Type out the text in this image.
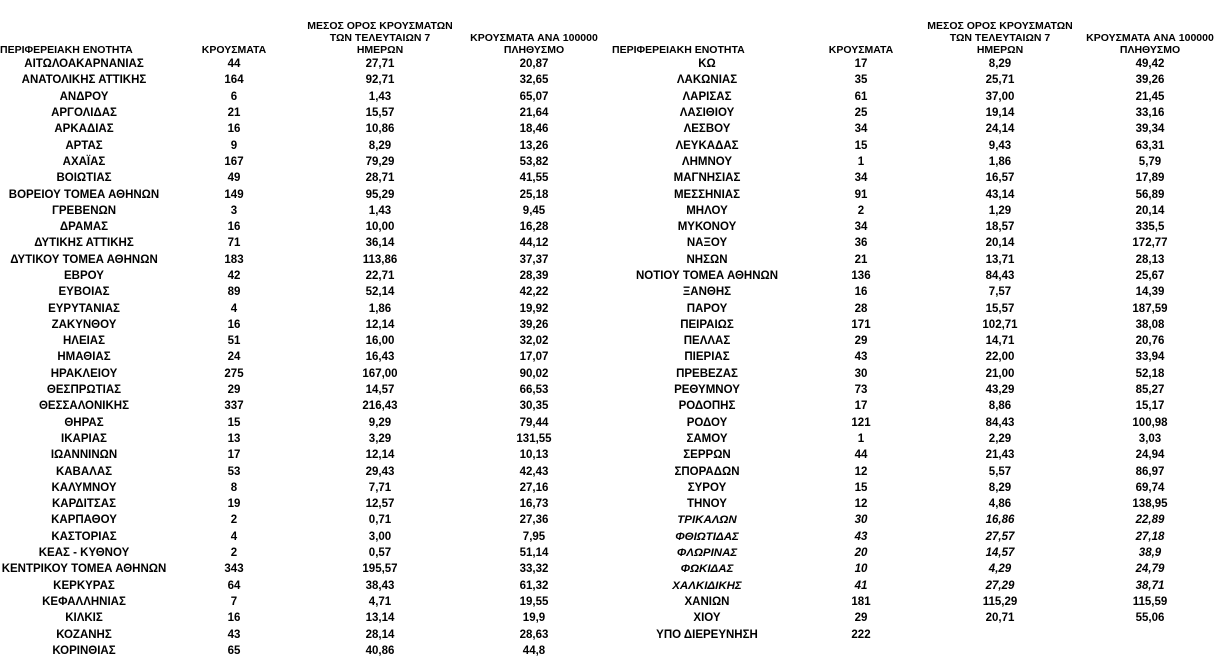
ΠΕΡΙΦΕΡΕΙΑΚΗ ΕΝΟΤΗΤΑ	ΚΡΟΥΣΜΑΤΑ	ΜΕΣΟΣ ΟΡΟΣ ΚΡΟΥΣΜΑΤΩΝ
ΤΩΝ ΤΕΛΕΥΤΑΙΩΝ 7
ΗΜΕΡΩΝ	ΚΡΟΥΣΜΑΤΑ ΑΝΑ 100000
ΠΛΗΘΥΣΜΟ
ΑΙΤΩΛΟΑΚΑΡΝΑΝΙΑΣ	44	27,71	20,87
ΑΝΑΤΟΛΙΚΗΣ ΑΤΤΙΚΗΣ	164	92,71	32,65
ΑΝΔΡΟΥ	6	1,43	65,07
ΑΡΓΟΛΙΔΑΣ	21	15,57	21,64
ΑΡΚΑΔΙΑΣ	16	10,86	18,46
ΑΡΤΑΣ	9	8,29	13,26
ΑΧΑΪΑΣ	167	79,29	53,82
ΒΟΙΩΤΙΑΣ	49	28,71	41,55
ΒΟΡΕΙΟΥ ΤΟΜΕΑ ΑΘΗΝΩΝ	149	95,29	25,18
ΓΡΕΒΕΝΩΝ	3	1,43	9,45
ΔΡΑΜΑΣ	16	10,00	16,28
ΔΥΤΙΚΗΣ ΑΤΤΙΚΗΣ	71	36,14	44,12
ΔΥΤΙΚΟΥ ΤΟΜΕΑ ΑΘΗΝΩΝ	183	113,86	37,37
ΕΒΡΟΥ	42	22,71	28,39
ΕΥΒΟΙΑΣ	89	52,14	42,22
ΕΥΡΥΤΑΝΙΑΣ	4	1,86	19,92
ΖΑΚΥΝΘΟΥ	16	12,14	39,26
ΗΛΕΙΑΣ	51	16,00	32,02
ΗΜΑΘΙΑΣ	24	16,43	17,07
ΗΡΑΚΛΕΙΟΥ	275	167,00	90,02
ΘΕΣΠΡΩΤΙΑΣ	29	14,57	66,53
ΘΕΣΣΑΛΟΝΙΚΗΣ	337	216,43	30,35
ΘΗΡΑΣ	15	9,29	79,44
ΙΚΑΡΙΑΣ	13	3,29	131,55
ΙΩΑΝΝΙΝΩΝ	17	12,14	10,13
ΚΑΒΑΛΑΣ	53	29,43	42,43
ΚΑΛΥΜΝΟΥ	8	7,71	27,16
ΚΑΡΔΙΤΣΑΣ	19	12,57	16,73
ΚΑΡΠΑΘΟΥ	2	0,71	27,36
ΚΑΣΤΟΡΙΑΣ	4	3,00	7,95
ΚΕΑΣ - ΚΥΘΝΟΥ	2	0,57	51,14
ΚΕΝΤΡΙΚΟΥ ΤΟΜΕΑ ΑΘΗΝΩΝ	343	195,57	33,32
ΚΕΡΚΥΡΑΣ	64	38,43	61,32
ΚΕΦΑΛΛΗΝΙΑΣ	7	4,71	19,55
ΚΙΛΚΙΣ	16	13,14	19,9
ΚΟΖΑΝΗΣ	43	28,14	28,63
ΚΟΡΙΝΘΙΑΣ	65	40,86	44,8
ΠΕΡΙΦΕΡΕΙΑΚΗ ΕΝΟΤΗΤΑ	ΚΡΟΥΣΜΑΤΑ	ΜΕΣΟΣ ΟΡΟΣ ΚΡΟΥΣΜΑΤΩΝ
ΤΩΝ ΤΕΛΕΥΤΑΙΩΝ 7
ΗΜΕΡΩΝ	ΚΡΟΥΣΜΑΤΑ ΑΝΑ 100000
ΠΛΗΘΥΣΜΟ
ΚΩ	17	8,29	49,42
ΛΑΚΩΝΙΑΣ	35	25,71	39,26
ΛΑΡΙΣΑΣ	61	37,00	21,45
ΛΑΣΙΘΙΟΥ	25	19,14	33,16
ΛΕΣΒΟΥ	34	24,14	39,34
ΛΕΥΚΑΔΑΣ	15	9,43	63,31
ΛΗΜΝΟΥ	1	1,86	5,79
ΜΑΓΝΗΣΙΑΣ	34	16,57	17,89
ΜΕΣΣΗΝΙΑΣ	91	43,14	56,89
ΜΗΛΟΥ	2	1,29	20,14
ΜΥΚΟΝΟΥ	34	18,57	335,5
ΝΑΞΟΥ	36	20,14	172,77
ΝΗΣΩΝ	21	13,71	28,13
ΝΟΤΙΟΥ ΤΟΜΕΑ ΑΘΗΝΩΝ	136	84,43	25,67
ΞΑΝΘΗΣ	16	7,57	14,39
ΠΑΡΟΥ	28	15,57	187,59
ΠΕΙΡΑΙΩΣ	171	102,71	38,08
ΠΕΛΛΑΣ	29	14,71	20,76
ΠΙΕΡΙΑΣ	43	22,00	33,94
ΠΡΕΒΕΖΑΣ	30	21,00	52,18
ΡΕΘΥΜΝΟΥ	73	43,29	85,27
ΡΟΔΟΠΗΣ	17	8,86	15,17
ΡΟΔΟΥ	121	84,43	100,98
ΣΑΜΟΥ	1	2,29	3,03
ΣΕΡΡΩΝ	44	21,43	24,94
ΣΠΟΡΑΔΩΝ	12	5,57	86,97
ΣΥΡΟΥ	15	8,29	69,74
ΤΗΝΟΥ	12	4,86	138,95
ΤΡΙΚΑΛΩΝ	30	16,86	22,89
ΦΘΙΩΤΙΔΑΣ	43	27,57	27,18
ΦΛΩΡΙΝΑΣ	20	14,57	38,9
ΦΩΚΙΔΑΣ	10	4,29	24,79
ΧΑΛΚΙΔΙΚΗΣ	41	27,29	38,71
ΧΑΝΙΩΝ	181	115,29	115,59
ΧΙΟΥ	29	20,71	55,06
ΥΠΟ ΔΙΕΡΕΥΝΗΣΗ	222		
